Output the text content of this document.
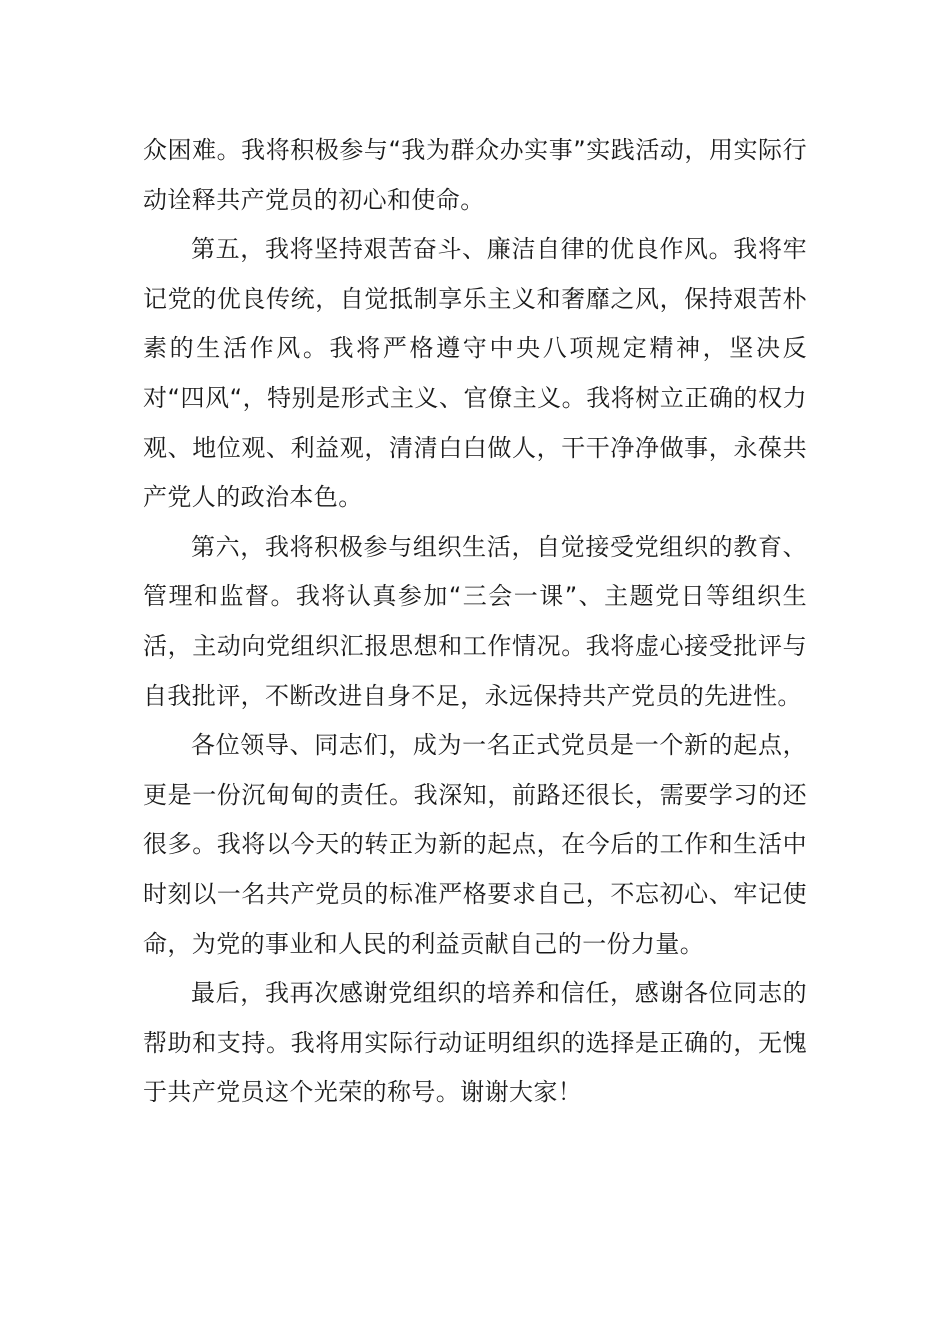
众困难。我将积极参与“我为群众办实事”实践活动，用实际行动诠释共产党员的初心和使命。

第五，我将坚持艰苦奋斗、廉洁自律的优良作风。我将牢记党的优良传统，自觉抵制享乐主义和奢靡之风，保持艰苦朴素的生活作风。我将严格遵守中央八项规定精神，坚决反对“四风“，特别是形式主义、官僚主义。我将树立正确的权力观、地位观、利益观，清清白白做人，干干净净做事，永葆共产党人的政治本色。

第六，我将积极参与组织生活，自觉接受党组织的教育、管理和监督。我将认真参加“三会一课”、主题党日等组织生活，主动向党组织汇报思想和工作情况。我将虚心接受批评与自我批评，不断改进自身不足，永远保持共产党员的先进性。

各位领导、同志们，成为一名正式党员是一个新的起点，更是一份沉甸甸的责任。我深知，前路还很长，需要学习的还很多。我将以今天的转正为新的起点，在今后的工作和生活中时刻以一名共产党员的标准严格要求自己，不忘初心、牢记使命，为党的事业和人民的利益贡献自己的一份力量。

最后，我再次感谢党组织的培养和信任，感谢各位同志的帮助和支持。我将用实际行动证明组织的选择是正确的，无愧于共产党员这个光荣的称号。谢谢大家！
